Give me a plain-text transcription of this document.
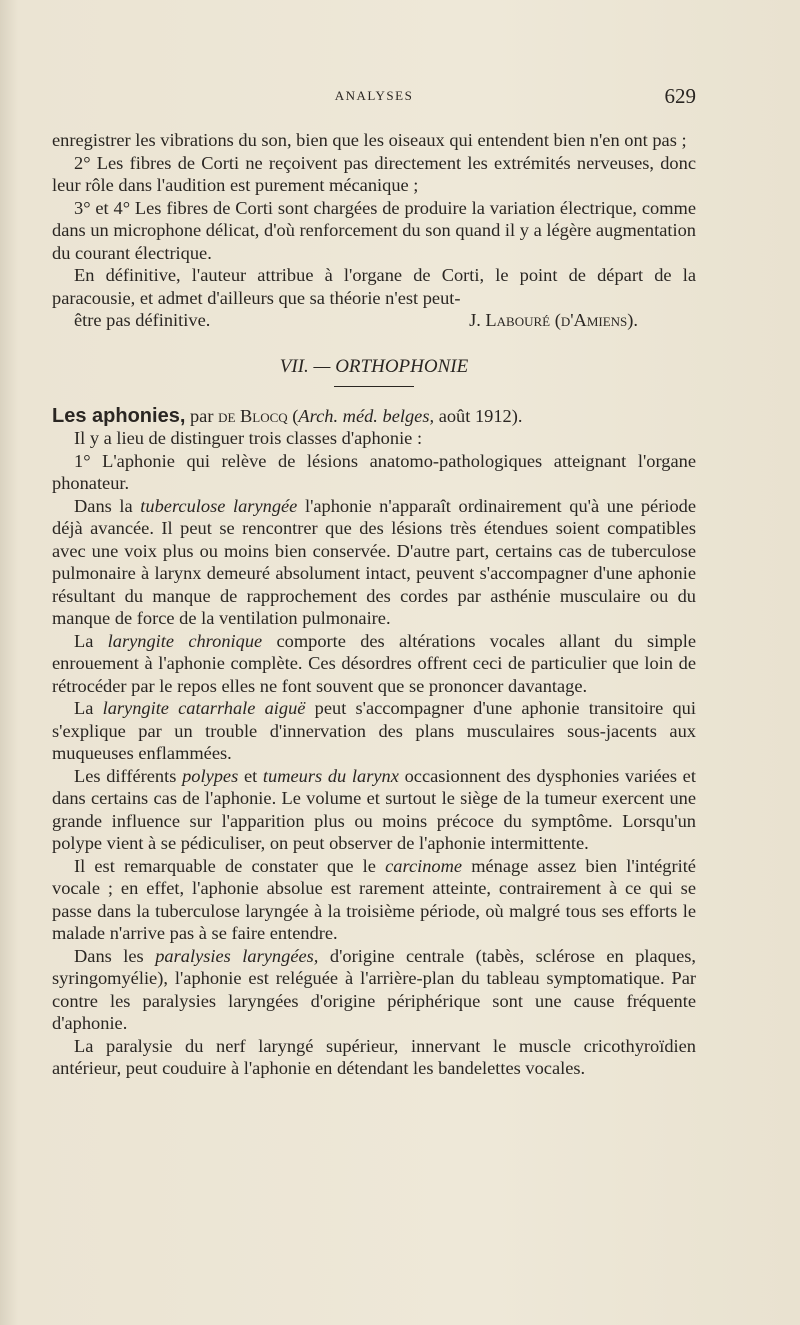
ANALYSES	629

enregistrer les vibrations du son, bien que les oiseaux qui entendent bien n'en ont pas ;

2° Les fibres de Corti ne reçoivent pas directement les extrémités nerveuses, donc leur rôle dans l'audition est purement mécanique ;

3° et 4° Les fibres de Corti sont chargées de produire la variation électrique, comme dans un microphone délicat, d'où renforcement du son quand il y a légère augmentation du courant électrique.

En définitive, l'auteur attribue à l'organe de Corti, le point de départ de la paracousie, et admet d'ailleurs que sa théorie n'est peut-

être pas définitive.	J. Labouré (d'Amiens).

VII. — ORTHOPHONIE

Les aphonies, par de Blocq (Arch. méd. belges, août 1912).

Il y a lieu de distinguer trois classes d'aphonie :

1° L'aphonie qui relève de lésions anatomo-pathologiques atteignant l'organe phonateur.

Dans la tuberculose laryngée l'aphonie n'apparaît ordinairement qu'à une période déjà avancée. Il peut se rencontrer que des lésions très étendues soient compatibles avec une voix plus ou moins bien conservée. D'autre part, certains cas de tuberculose pulmonaire à larynx demeuré absolument intact, peuvent s'accompagner d'une aphonie résultant du manque de rapprochement des cordes par asthénie musculaire ou du manque de force de la ventilation pulmonaire.

La laryngite chronique comporte des altérations vocales allant du simple enrouement à l'aphonie complète. Ces désordres offrent ceci de particulier que loin de rétrocéder par le repos elles ne font souvent que se prononcer davantage.

La laryngite catarrhale aiguë peut s'accompagner d'une aphonie transitoire qui s'explique par un trouble d'innervation des plans musculaires sous-jacents aux muqueuses enflammées.

Les différents polypes et tumeurs du larynx occasionnent des dysphonies variées et dans certains cas de l'aphonie. Le volume et surtout le siège de la tumeur exercent une grande influence sur l'apparition plus ou moins précoce du symptôme. Lorsqu'un polype vient à se pédiculiser, on peut observer de l'aphonie intermittente.

Il est remarquable de constater que le carcinome ménage assez bien l'intégrité vocale ; en effet, l'aphonie absolue est rarement atteinte, contrairement à ce qui se passe dans la tuberculose laryngée à la troisième période, où malgré tous ses efforts le malade n'arrive pas à se faire entendre.

Dans les paralysies laryngées, d'origine centrale (tabès, sclérose en plaques, syringomyélie), l'aphonie est reléguée à l'arrière-plan du tableau symptomatique. Par contre les paralysies laryngées d'origine périphérique sont une cause fréquente d'aphonie.

La paralysie du nerf laryngé supérieur, innervant le muscle cricothyroïdien antérieur, peut couduire à l'aphonie en détendant les bandelettes vocales.
